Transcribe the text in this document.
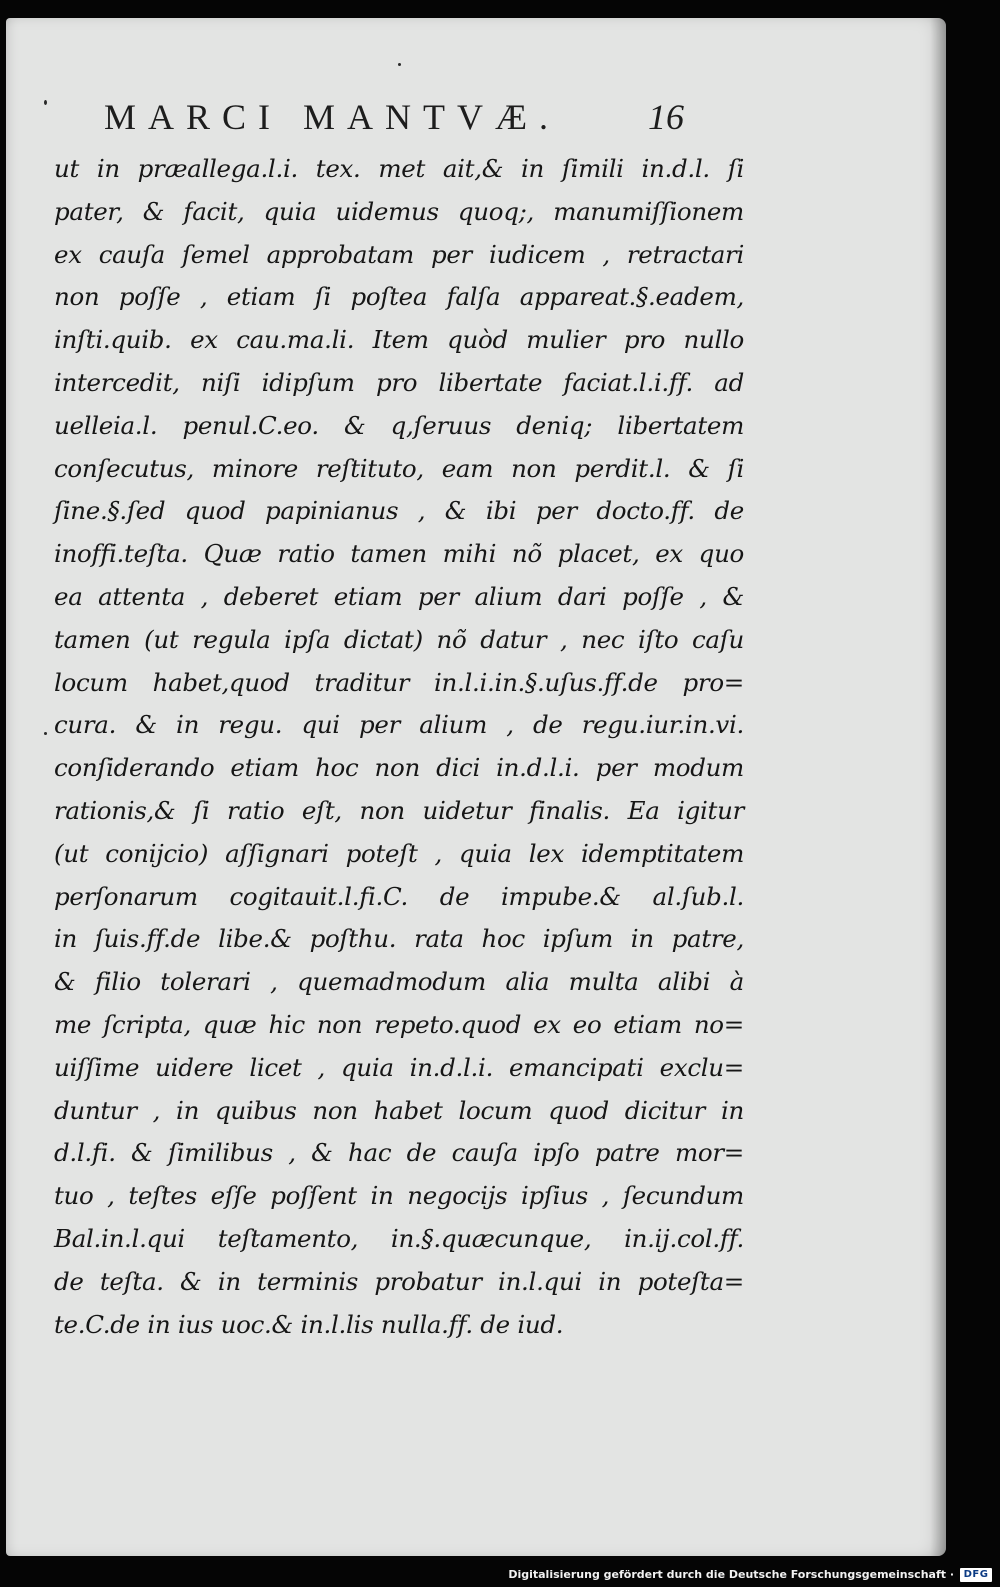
MARCI MANTVÆ. 16
ut in præallega.l.i. tex. met ait,& in ſimili in.d.l. ſi
pater, & facit, quia uidemus quoq;, manumiſſionem
ex cauſa ſemel approbatam per iudicem , retractari
non poſſe , etiam ſi poſtea falſa appareat.§.eadem,
inſti.quib. ex cau.ma.li. Item quòd mulier pro nullo
intercedit, niſi idipſum pro libertate faciat.l.i.ff. ad
uelleia.l. penul.C.eo. & q,ſeruus deniq; libertatem
conſecutus, minore reſtituto, eam non perdit.l. & ſi
ſine.§.ſed quod papinianus , & ibi per docto.ff. de
inoffi.teſta. Quæ ratio tamen mihi nõ placet, ex quo
ea attenta , deberet etiam per alium dari poſſe , &
tamen (ut regula ipſa dictat) nõ datur , nec iſto caſu
locum habet,quod traditur in.l.i.in.§.uſus.ff.de pro=
cura. & in regu. qui per alium , de regu.iur.in.vi.
conſiderando etiam hoc non dici in.d.l.i. per modum
rationis,& ſi ratio eſt, non uidetur finalis. Ea igitur
(ut conijcio) aſſignari poteſt , quia lex idemptitatem
perſonarum cogitauit.l.fi.C. de impube.& al.ſub.l.
in ſuis.ff.de libe.& poſthu. rata hoc ipſum in patre,
& filio tolerari , quemadmodum alia multa alibi à
me ſcripta, quæ hic non repeto.quod ex eo etiam no=
uiſſime uidere licet , quia in.d.l.i. emancipati exclu=
duntur , in quibus non habet locum quod dicitur in
d.l.fi. & ſimilibus , & hac de cauſa ipſo patre mor=
tuo , teſtes eſſe poſſent in negocijs ipſius , ſecundum
Bal.in.l.qui teſtamento, in.§.quæcunque, in.ij.col.ff.
de teſta. & in terminis probatur in.l.qui in poteſta=
te.C.de in ius uoc.& in.l.lis nulla.ff. de iud.
Digitalisierung gefördert durch die Deutsche Forschungsgemeinschaft · DFG
